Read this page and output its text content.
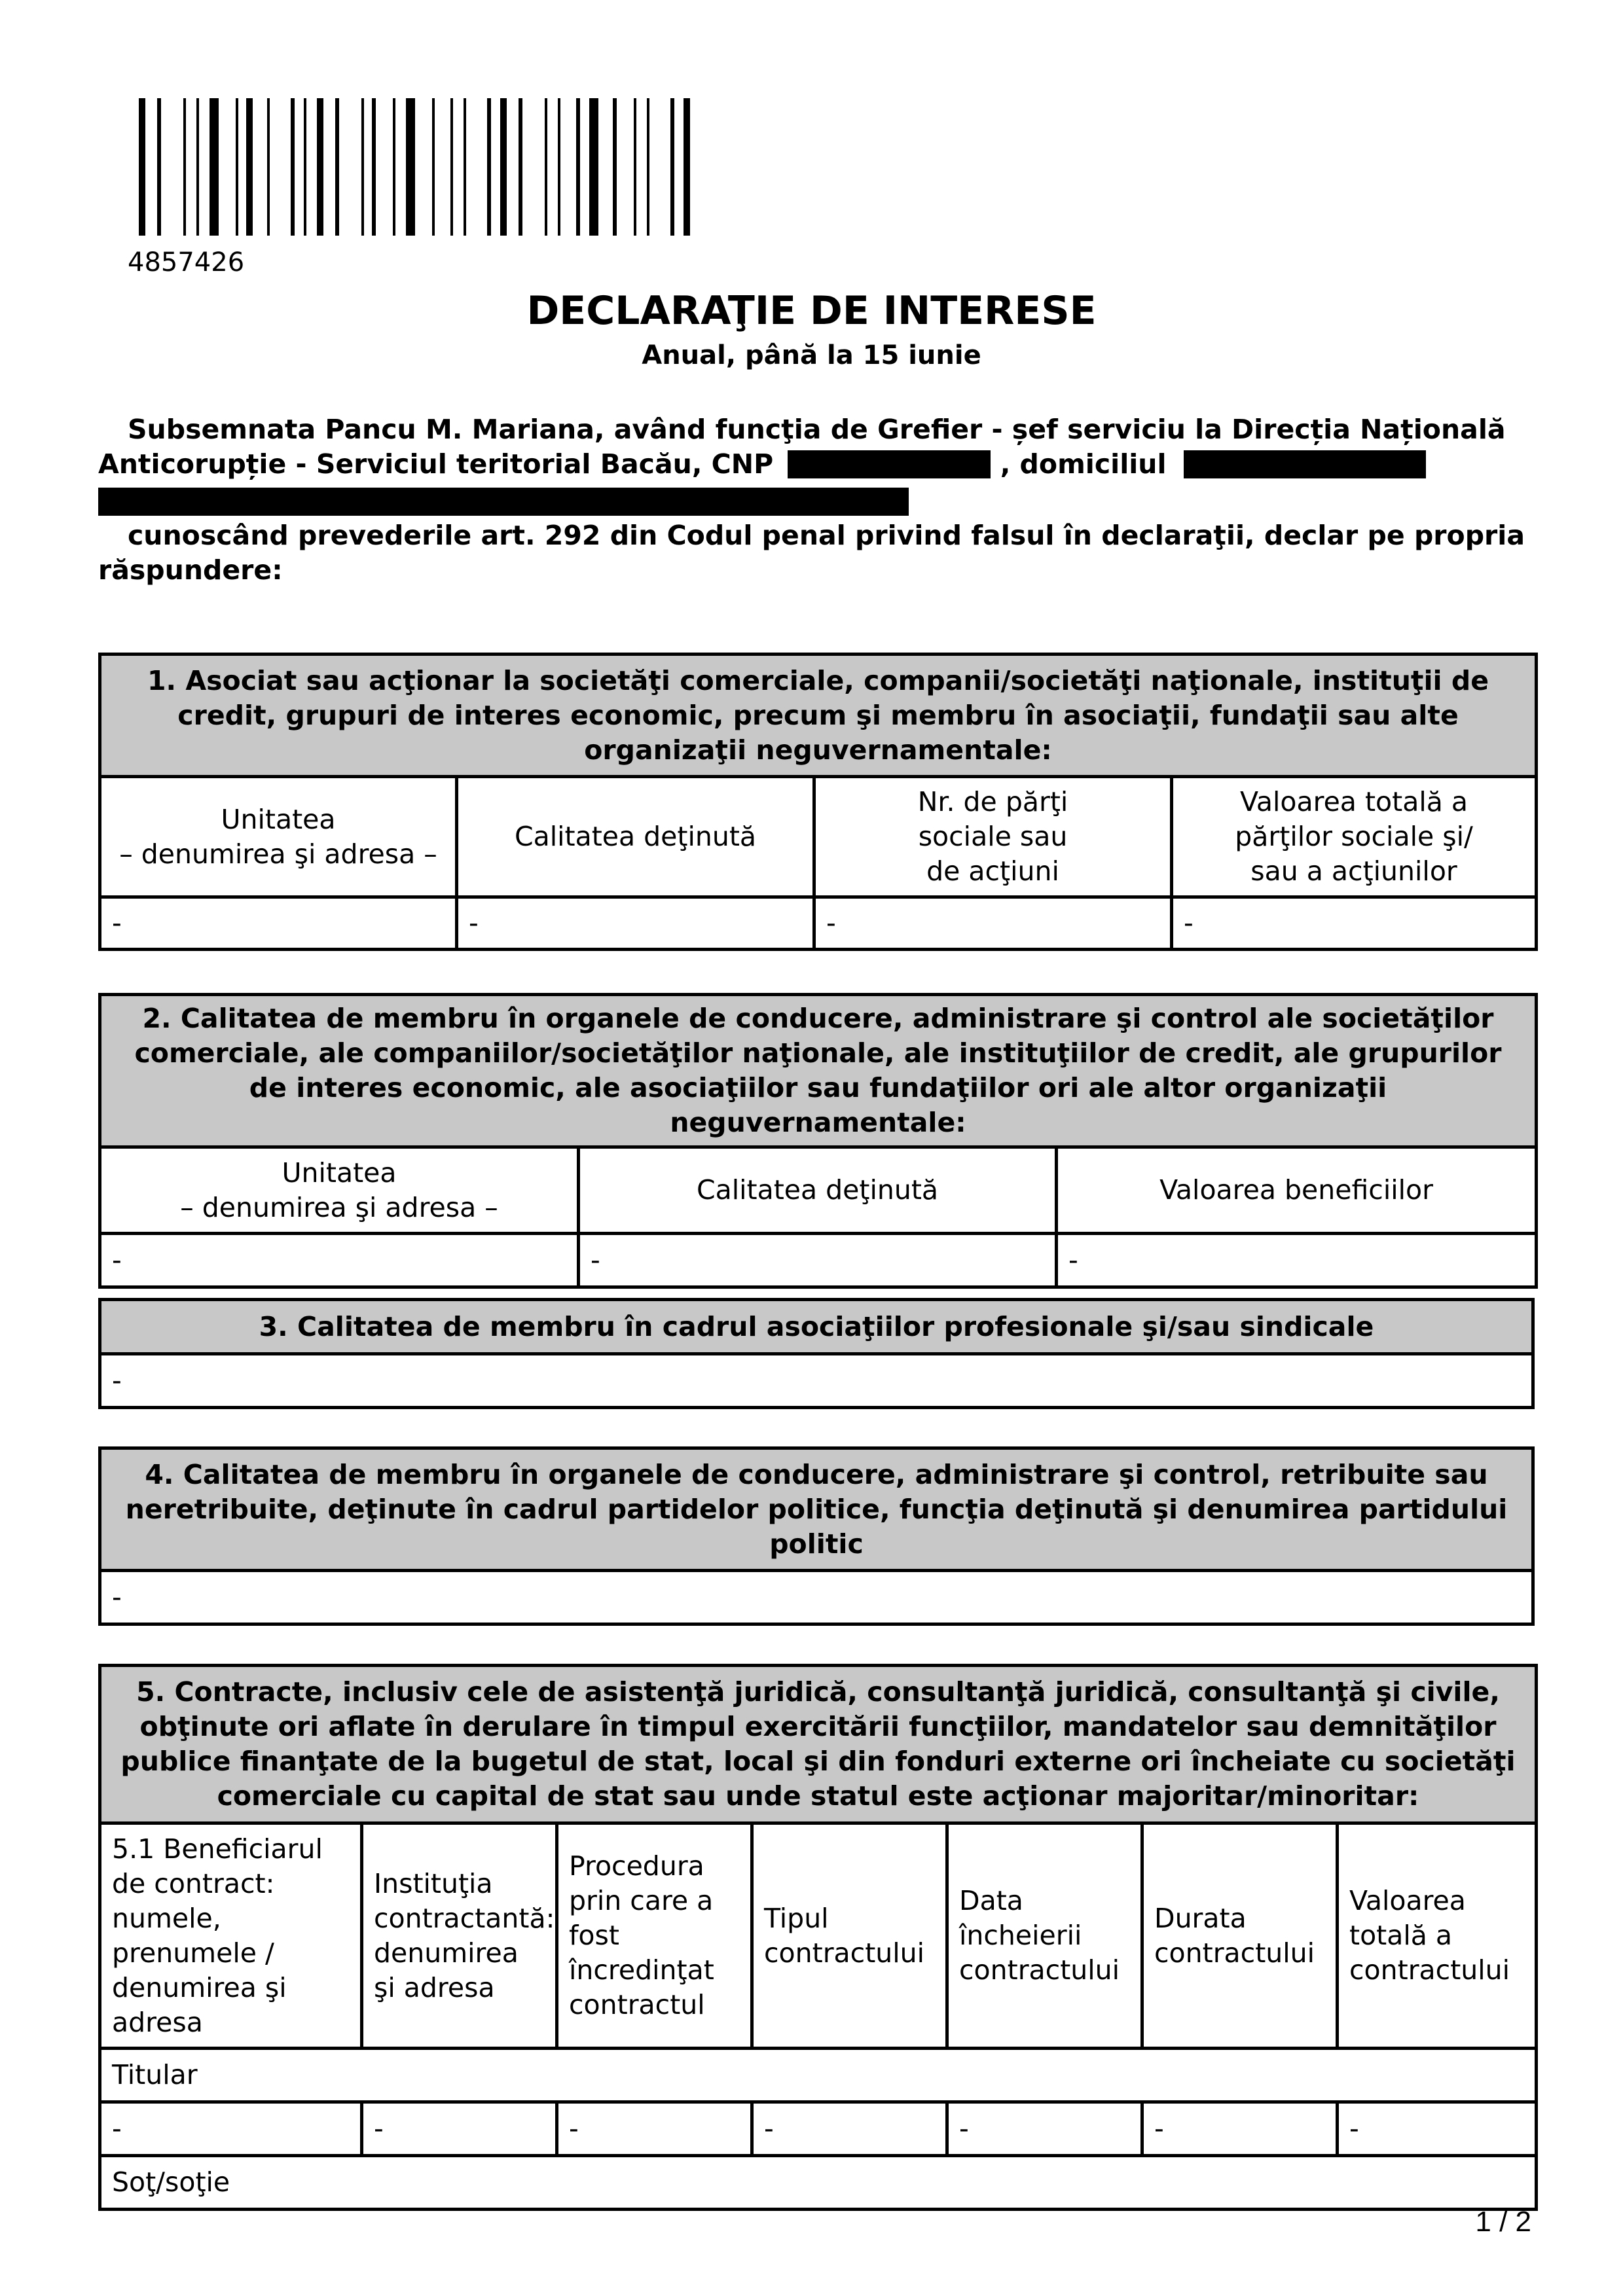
4857426
DECLARAŢIE DE INTERESE
Anual, până la 15 iunie
Subsemnata Pancu M. Mariana, având funcţia de Grefier - șef serviciu la Direcția Națională
Anticorupție - Serviciul teritorial Bacău, CNP	, domiciliul
cunoscând prevederile art. 292 din Codul penal privind falsul în declaraţii, declar pe propria
răspundere:
1. Asociat sau acţionar la societăţi comerciale, companii/societăţi naţionale, instituţii de credit, grupuri de interes economic, precum şi membru în asociaţii, fundaţii sau alte organizaţii neguvernamentale:			
Unitatea
– denumirea şi adresa –	Calitatea deţinută	Nr. de părţi
sociale sau
de acţiuni	Valoarea totală a
părţilor sociale şi/
sau a acţiunilor
-	-	-	-
2. Calitatea de membru în organele de conducere, administrare şi control ale societăţilor comerciale, ale companiilor/societăţilor naţionale, ale instituţiilor de credit, ale grupurilor de interes economic, ale asociaţiilor sau fundaţiilor ori ale altor organizaţii neguvernamentale:		
Unitatea
– denumirea şi adresa –	Calitatea deţinută	Valoarea beneficiilor
-	-	-
3. Calitatea de membru în cadrul asociaţiilor profesionale şi/sau sindicale
-
4. Calitatea de membru în organele de conducere, administrare şi control, retribuite sau neretribuite, deţinute în cadrul partidelor politice, funcţia deţinută şi denumirea partidului politic
-
5. Contracte, inclusiv cele de asistenţă juridică, consultanţă juridică, consultanţă şi civile, obţinute ori aflate în derulare în timpul exercitării funcţiilor, mandatelor sau demnităţilor publice finanţate de la bugetul de stat, local şi din fonduri externe ori încheiate cu societăţi comerciale cu capital de stat sau unde statul este acţionar majoritar/minoritar:						
5.1 Beneficiarul de contract: numele, prenumele / denumirea şi adresa	Instituţia contractantă: denumirea şi adresa	Procedura prin care a fost încredinţat contractul	Tipul contractului	Data încheierii contractului	Durata contractului	Valoarea totală a contractului
Titular						
-	-	-	-	-	-	-
Soţ/soţie						
1 / 2
